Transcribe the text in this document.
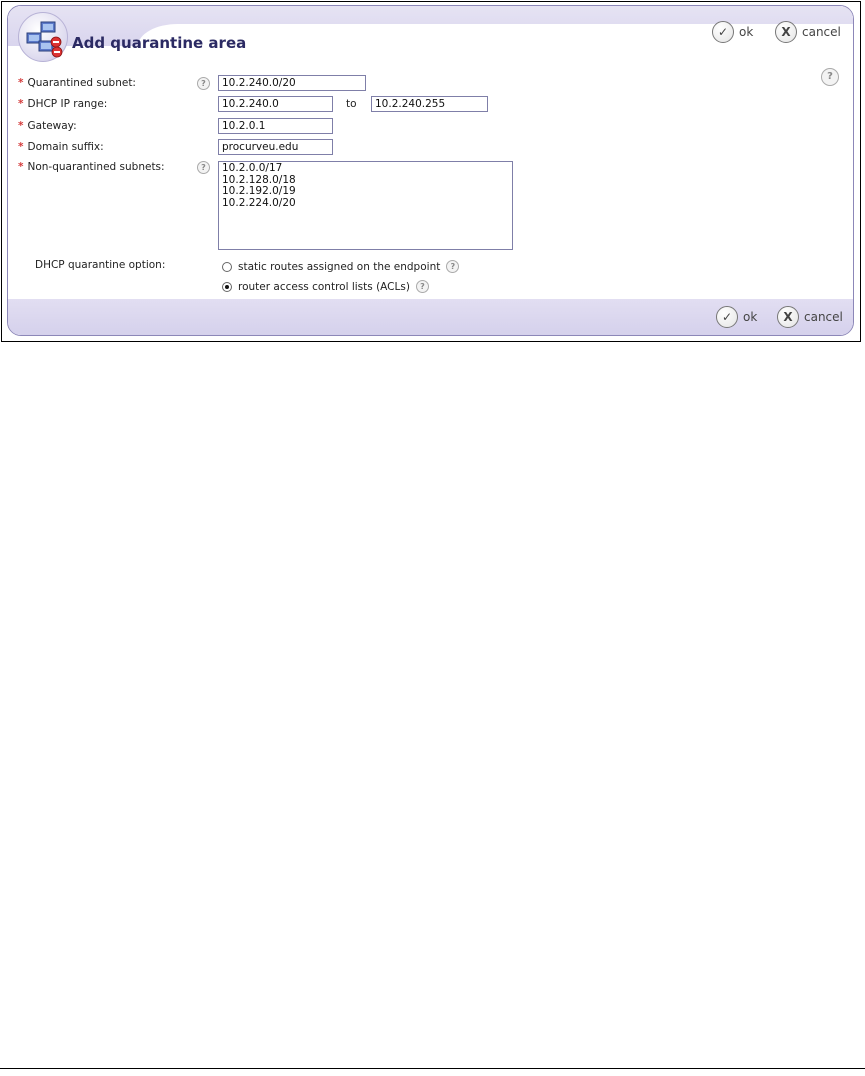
Add quarantine area
✓ ok	X cancel
?
* Quarantined subnet:	?
10.2.240.0/20
* DHCP IP range:
10.2.240.0	to
10.2.240.255
* Gateway:
10.2.0.1
* Domain suffix:
procurveu.edu
* Non-quarantined subnets:	?
10.2.0.0/17 10.2.128.0/18 10.2.192.0/19 10.2.224.0/20
DHCP quarantine option:	static routes assigned on the endpoint	?
router access control lists (ACLs)	?
✓ ok	X cancel
